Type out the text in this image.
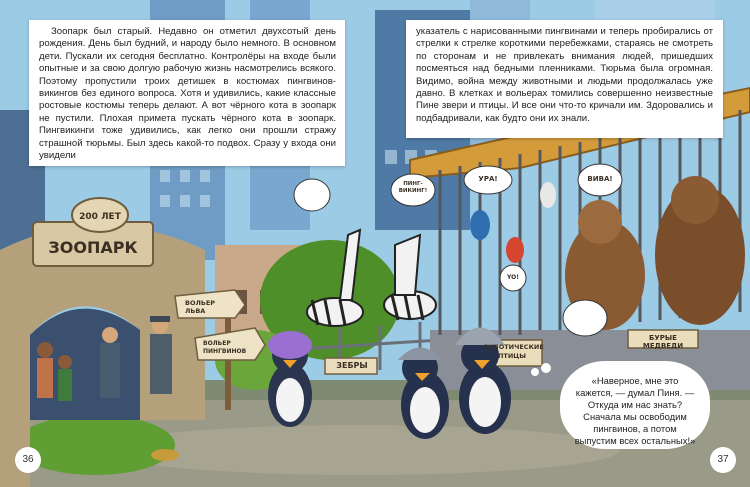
ЗООПАРК
200 ЛЕТ
ВОЛЬЕР ЛЬВА
ВОЛЬЕР ПИНГВИНОВ
ЗЕБРЫ
ЭКЗОТИЧЕСКИЕ ПТИЦЫ
БУРЫЕ МЕДВЕДИ
ПИНГ-ВИКИНГ!
УРА!	ВИВА!
YO!

Зоопарк был старый. Недавно он отметил двухсотый день рождения. День был будний, и народу было немного. В основном дети. Пускали их сегодня бесплатно. Контролёры на входе были опытные и за свою долгую рабочую жизнь насмотрелись всякого. Поэтому пропустили троих детишек в костюмах пингвинов-викингов без единого вопроса. Хотя и удивились, какие классные ростовые костюмы теперь делают. А вот чёрного кота в зоопарк не пустили. Плохая примета пускать чёрного кота в зоопарк. Пингвикинги тоже удивились, как легко они прошли стражу страшной тюрьмы. Был здесь какой-то подвох. Сразу у входа они увидели

указатель с нарисованными пингвинами и теперь пробирались от стрелки к стрелке короткими перебежками, стараясь не смотреть по сторонам и не привлекать внимания людей, пришедших посмеяться над бедными пленниками. Тюрьма была огромная. Видимо, война между животными и людьми продолжалась уже давно. В клетках и вольерах томились совершенно неизвестные Пине звери и птицы. И все они что-то кричали им. Здоровались и подбадривали, как будто они их знали.

«Наверное, мне это кажется, — думал Пиня. — Откуда им нас знать? Сначала мы освободим пингвинов, а потом выпустим всех остальных!»
36	37
